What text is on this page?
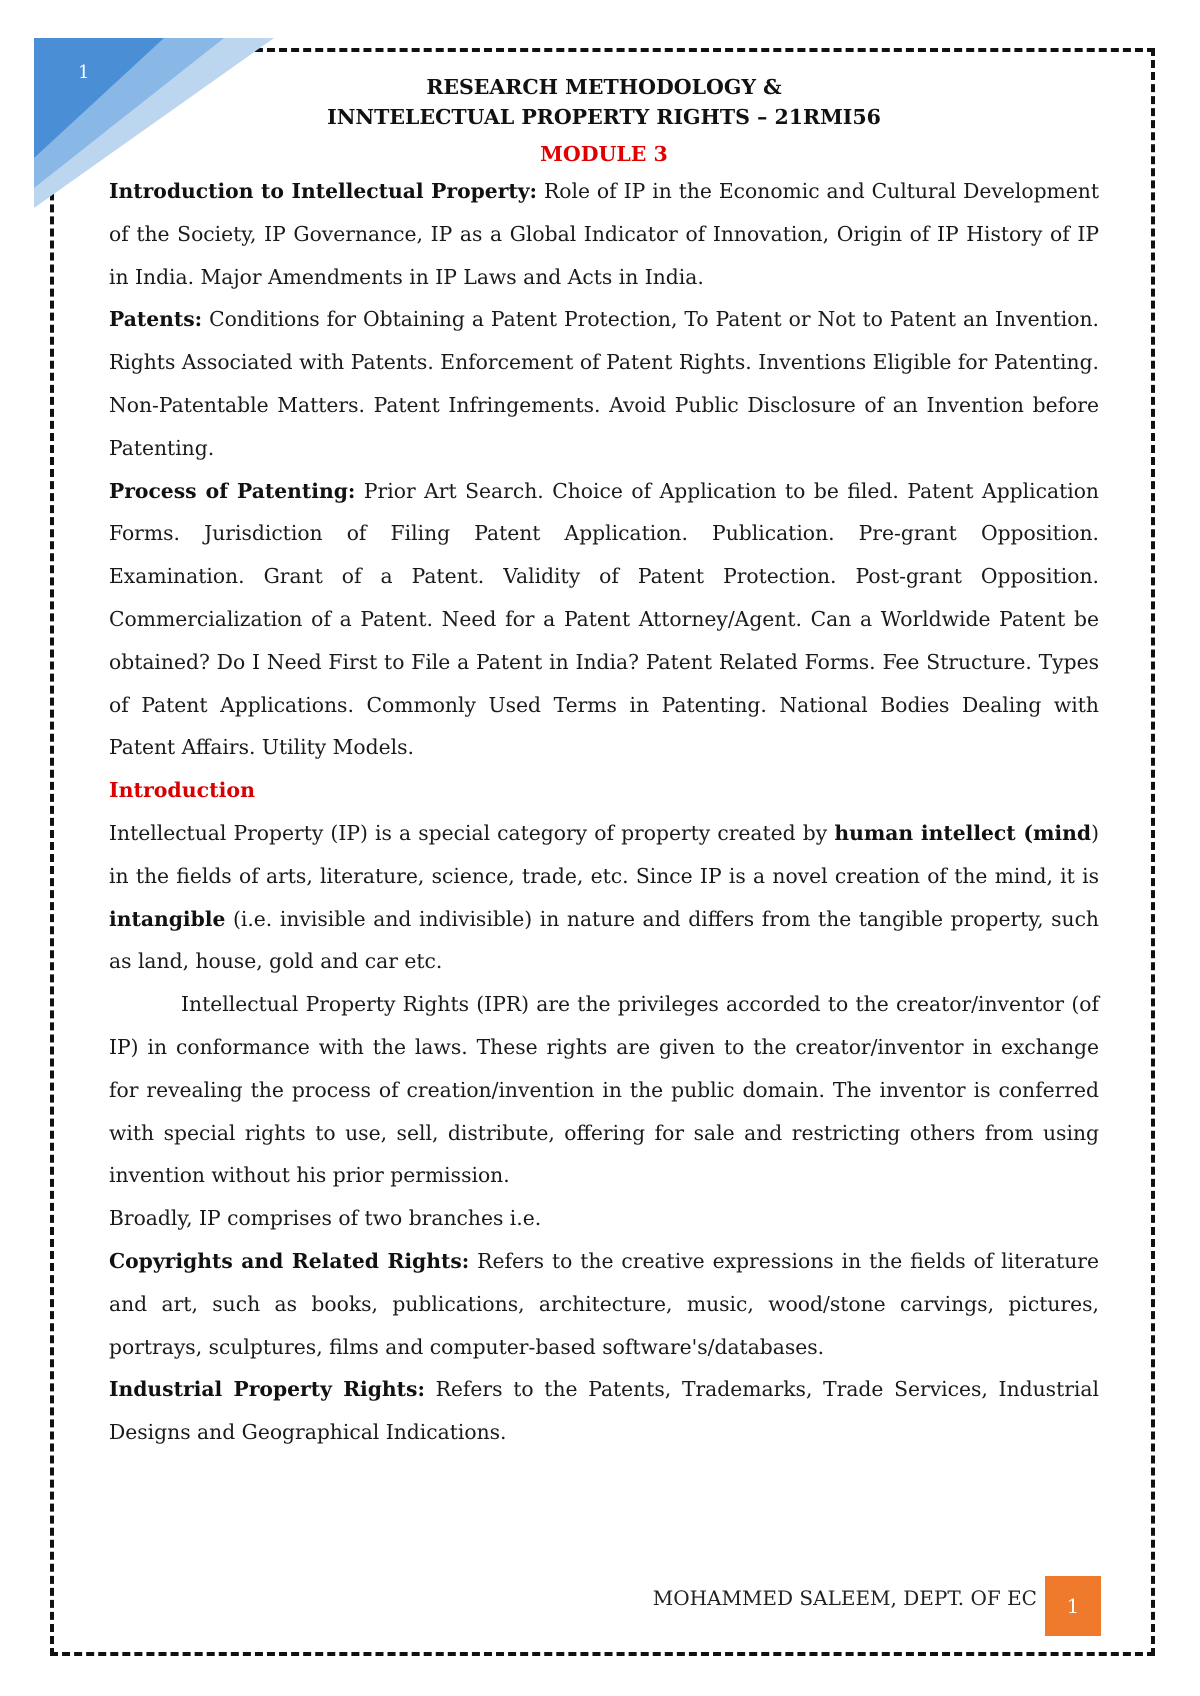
1
RESEARCH METHODOLOGY &
INNTELECTUAL PROPERTY RIGHTS – 21RMI56
MODULE 3

Introduction to Intellectual Property: Role of IP in the Economic and Cultural Development of the Society, IP Governance, IP as a Global Indicator of Innovation, Origin of IP History of IP in India. Major Amendments in IP Laws and Acts in India.

Patents: Conditions for Obtaining a Patent Protection, To Patent or Not to Patent an Invention. Rights Associated with Patents. Enforcement of Patent Rights. Inventions Eligible for Patenting. Non-Patentable Matters. Patent Infringements. Avoid Public Disclosure of an Invention before Patenting.

Process of Patenting: Prior Art Search. Choice of Application to be filed. Patent Application Forms. Jurisdiction of Filing Patent Application. Publication. Pre-grant Opposition. Examination. Grant of a Patent. Validity of Patent Protection. Post-grant Opposition. Commercialization of a Patent. Need for a Patent Attorney/Agent. Can a Worldwide Patent be obtained? Do I Need First to File a Patent in India? Patent Related Forms. Fee Structure. Types of Patent Applications. Commonly Used Terms in Patenting. National Bodies Dealing with Patent Affairs. Utility Models.

Introduction

Intellectual Property (IP) is a special category of property created by human intellect (mind) in the fields of arts, literature, science, trade, etc. Since IP is a novel creation of the mind, it is intangible (i.e. invisible and indivisible) in nature and differs from the tangible property, such as land, house, gold and car etc.

Intellectual Property Rights (IPR) are the privileges accorded to the creator/inventor (of IP) in conformance with the laws. These rights are given to the creator/inventor in exchange for revealing the process of creation/invention in the public domain. The inventor is conferred with special rights to use, sell, distribute, offering for sale and restricting others from using invention without his prior permission.

Broadly, IP comprises of two branches i.e.

Copyrights and Related Rights: Refers to the creative expressions in the fields of literature and art, such as books, publications, architecture, music, wood/stone carvings, pictures, portrays, sculptures, films and computer-based software's/databases.

Industrial Property Rights: Refers to the Patents, Trademarks, Trade Services, Industrial Designs and Geographical Indications.

MOHAMMED SALEEM, DEPT. OF EC	1
